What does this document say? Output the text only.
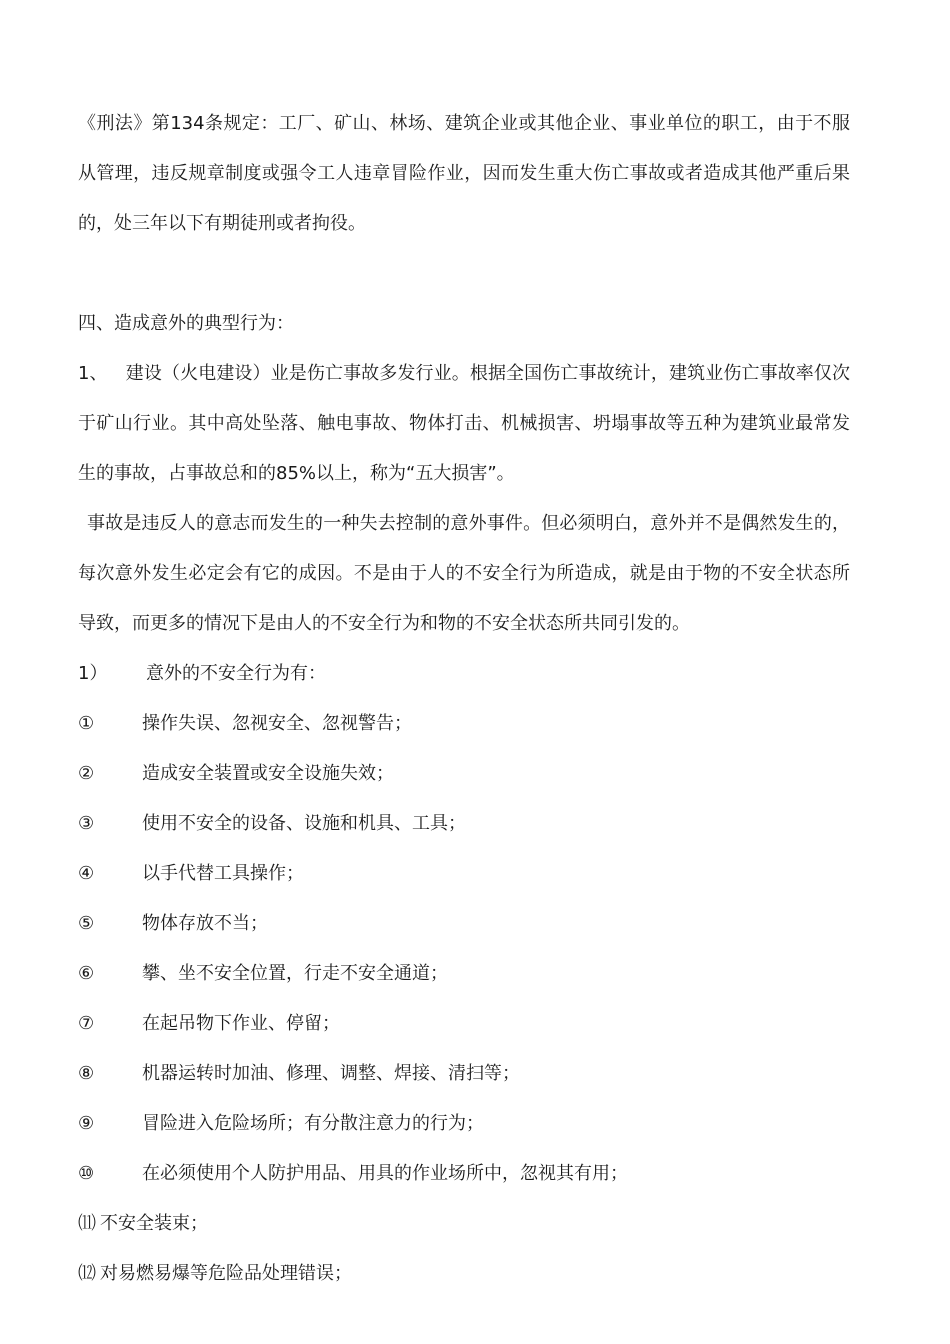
《刑法》第134条规定：工厂、矿山、林场、建筑企业或其他企业、事业单位的职工，由于不服从管理，违反规章制度或强令工人违章冒险作业，因而发生重大伤亡事故或者造成其他严重后果的，处三年以下有期徒刑或者拘役。

四、造成意外的典型行为：

1、 建设（火电建设）业是伤亡事故多发行业。根据全国伤亡事故统计，建筑业伤亡事故率仅次于矿山行业。其中高处坠落、触电事故、物体打击、机械损害、坍塌事故等五种为建筑业最常发生的事故，占事故总和的85%以上，称为“五大损害”。

事故是违反人的意志而发生的一种失去控制的意外事件。但必须明白，意外并不是偶然发生的，每次意外发生必定会有它的成因。不是由于人的不安全行为所造成，就是由于物的不安全状态所导致，而更多的情况下是由人的不安全行为和物的不安全状态所共同引发的。

1）	意外的不安全行为有：
①	操作失误、忽视安全、忽视警告；
②	造成安全装置或安全设施失效；
③	使用不安全的设备、设施和机具、工具；
④	以手代替工具操作；
⑤	物体存放不当；
⑥	攀、坐不安全位置，行走不安全通道；
⑦	在起吊物下作业、停留；
⑧	机器运转时加油、修理、调整、焊接、清扫等；
⑨	冒险进入危险场所；有分散注意力的行为；
⑩	在必须使用个人防护用品、用具的作业场所中，忽视其有用；
⑾ 不安全装束；
⑿ 对易燃易爆等危险品处理错误；
